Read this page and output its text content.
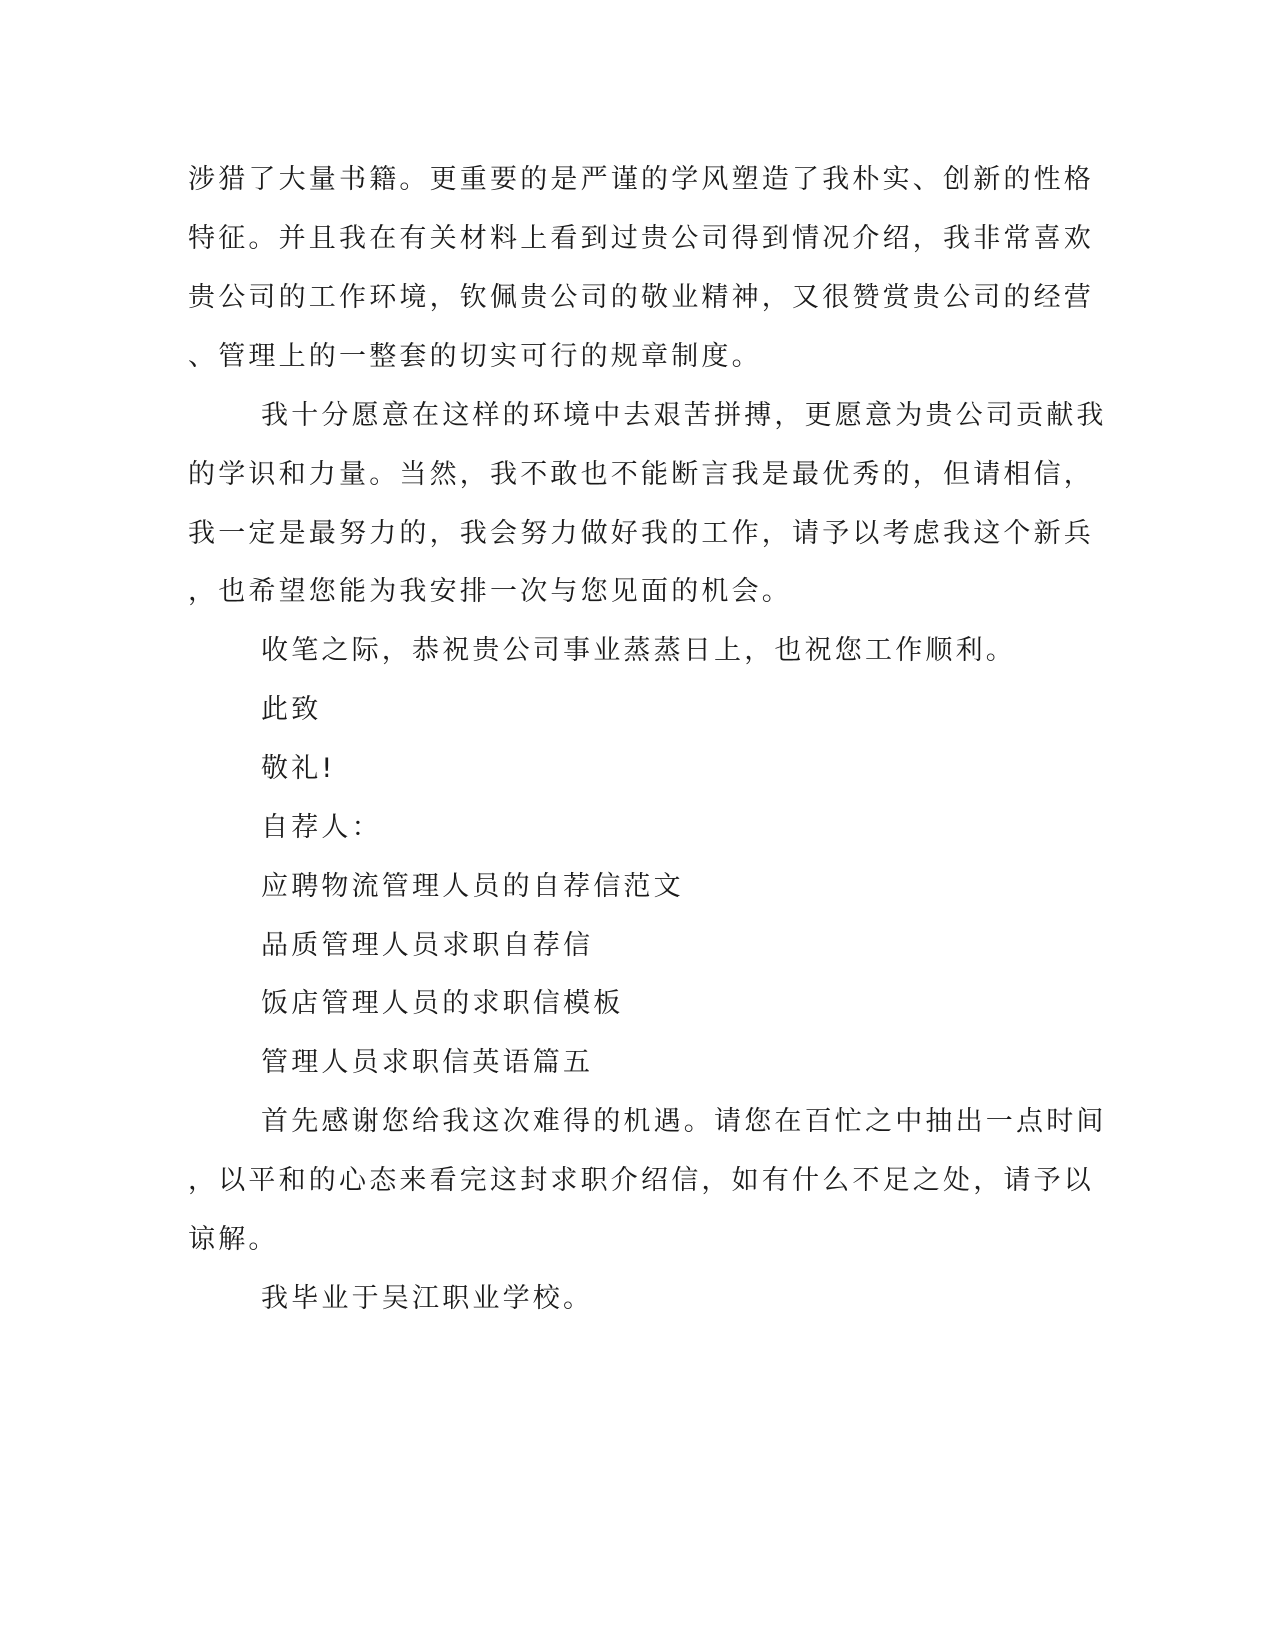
涉猎了大量书籍。更重要的是严谨的学风塑造了我朴实、创新的性格
特征。并且我在有关材料上看到过贵公司得到情况介绍，我非常喜欢
贵公司的工作环境，钦佩贵公司的敬业精神，又很赞赏贵公司的经营
、管理上的一整套的切实可行的规章制度。
我十分愿意在这样的环境中去艰苦拼搏，更愿意为贵公司贡献我
的学识和力量。当然，我不敢也不能断言我是最优秀的，但请相信，
我一定是最努力的，我会努力做好我的工作，请予以考虑我这个新兵
，也希望您能为我安排一次与您见面的机会。
收笔之际，恭祝贵公司事业蒸蒸日上，也祝您工作顺利。
此致
敬礼!
自荐人：
应聘物流管理人员的自荐信范文
品质管理人员求职自荐信
饭店管理人员的求职信模板
管理人员求职信英语篇五
首先感谢您给我这次难得的机遇。请您在百忙之中抽出一点时间
，以平和的心态来看完这封求职介绍信，如有什么不足之处，请予以
谅解。
我毕业于吴江职业学校。
